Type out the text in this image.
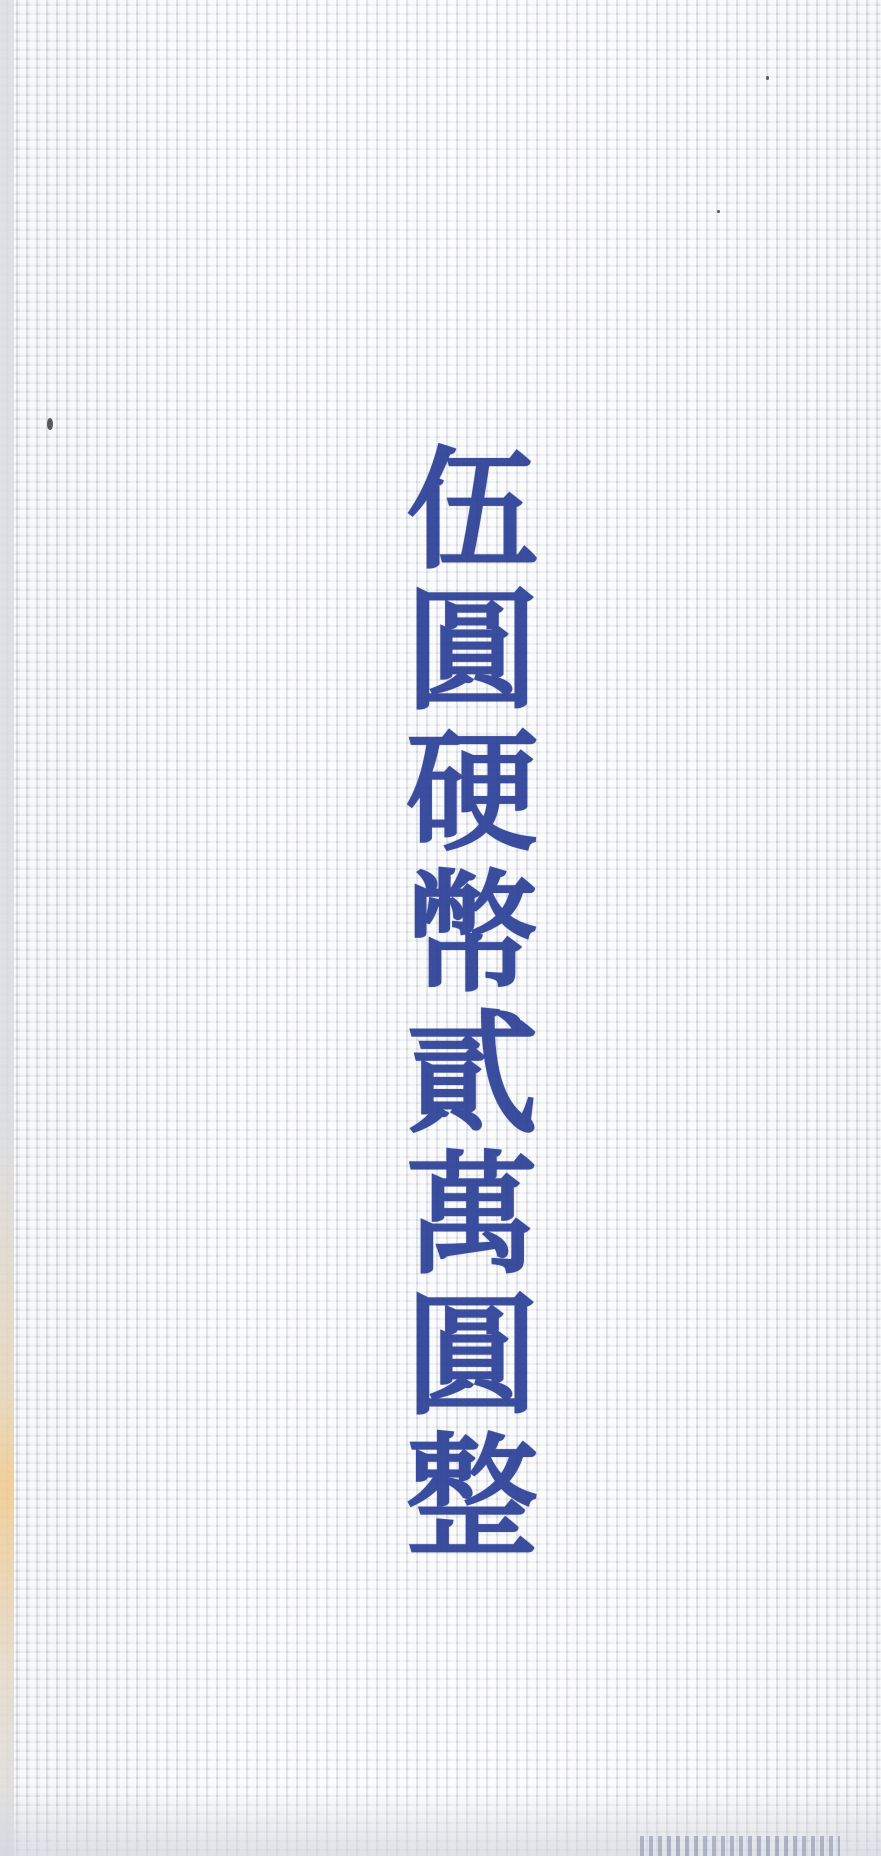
伍圓硬幣貳萬圓整
